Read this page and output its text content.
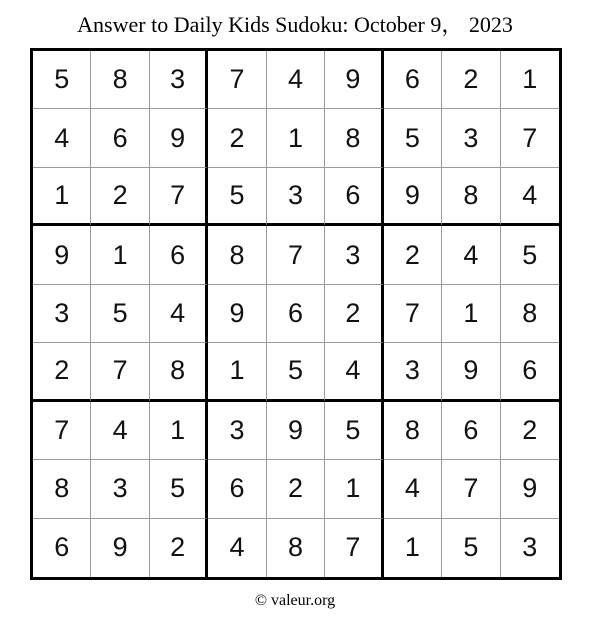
Answer to Daily Kids Sudoku: October 9， 2023
5	8	3	7	4	9	6	2	1
4	6	9	2	1	8	5	3	7
1	2	7	5	3	6	9	8	4
9	1	6	8	7	3	2	4	5
3	5	4	9	6	2	7	1	8
2	7	8	1	5	4	3	9	6
7	4	1	3	9	5	8	6	2
8	3	5	6	2	1	4	7	9
6	9	2	4	8	7	1	5	3
© valeur.org
